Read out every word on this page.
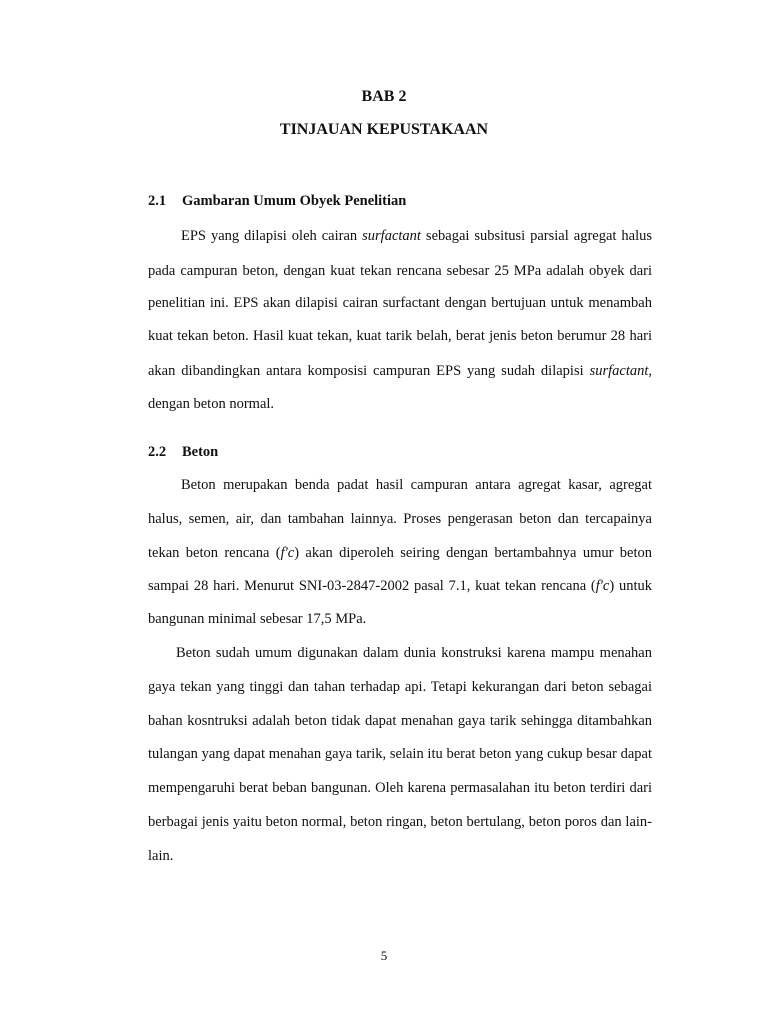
BAB 2
TINJAUAN KEPUSTAKAAN
2.1 Gambaran Umum Obyek Penelitian
EPS yang dilapisi oleh cairan surfactant sebagai subsitusi parsial agregat halus
pada campuran beton, dengan kuat tekan rencana sebesar 25 MPa adalah obyek dari
penelitian ini. EPS akan dilapisi cairan surfactant dengan bertujuan untuk menambah
kuat tekan beton. Hasil kuat tekan, kuat tarik belah, berat jenis beton berumur 28 hari
akan dibandingkan antara komposisi campuran EPS yang sudah dilapisi surfactant,
dengan beton normal.
2.2 Beton
Beton merupakan benda padat hasil campuran antara agregat kasar, agregat
halus, semen, air, dan tambahan lainnya. Proses pengerasan beton dan tercapainya
tekan beton rencana (f'c) akan diperoleh seiring dengan bertambahnya umur beton
sampai 28 hari. Menurut SNI-03-2847-2002 pasal 7.1, kuat tekan rencana (f'c) untuk
bangunan minimal sebesar 17,5 MPa.
Beton sudah umum digunakan dalam dunia konstruksi karena mampu menahan
gaya tekan yang tinggi dan tahan terhadap api. Tetapi kekurangan dari beton sebagai
bahan kosntruksi adalah beton tidak dapat menahan gaya tarik sehingga ditambahkan
tulangan yang dapat menahan gaya tarik, selain itu berat beton yang cukup besar dapat
mempengaruhi berat beban bangunan. Oleh karena permasalahan itu beton terdiri dari
berbagai jenis yaitu beton normal, beton ringan, beton bertulang, beton poros dan lain-
lain.
5
